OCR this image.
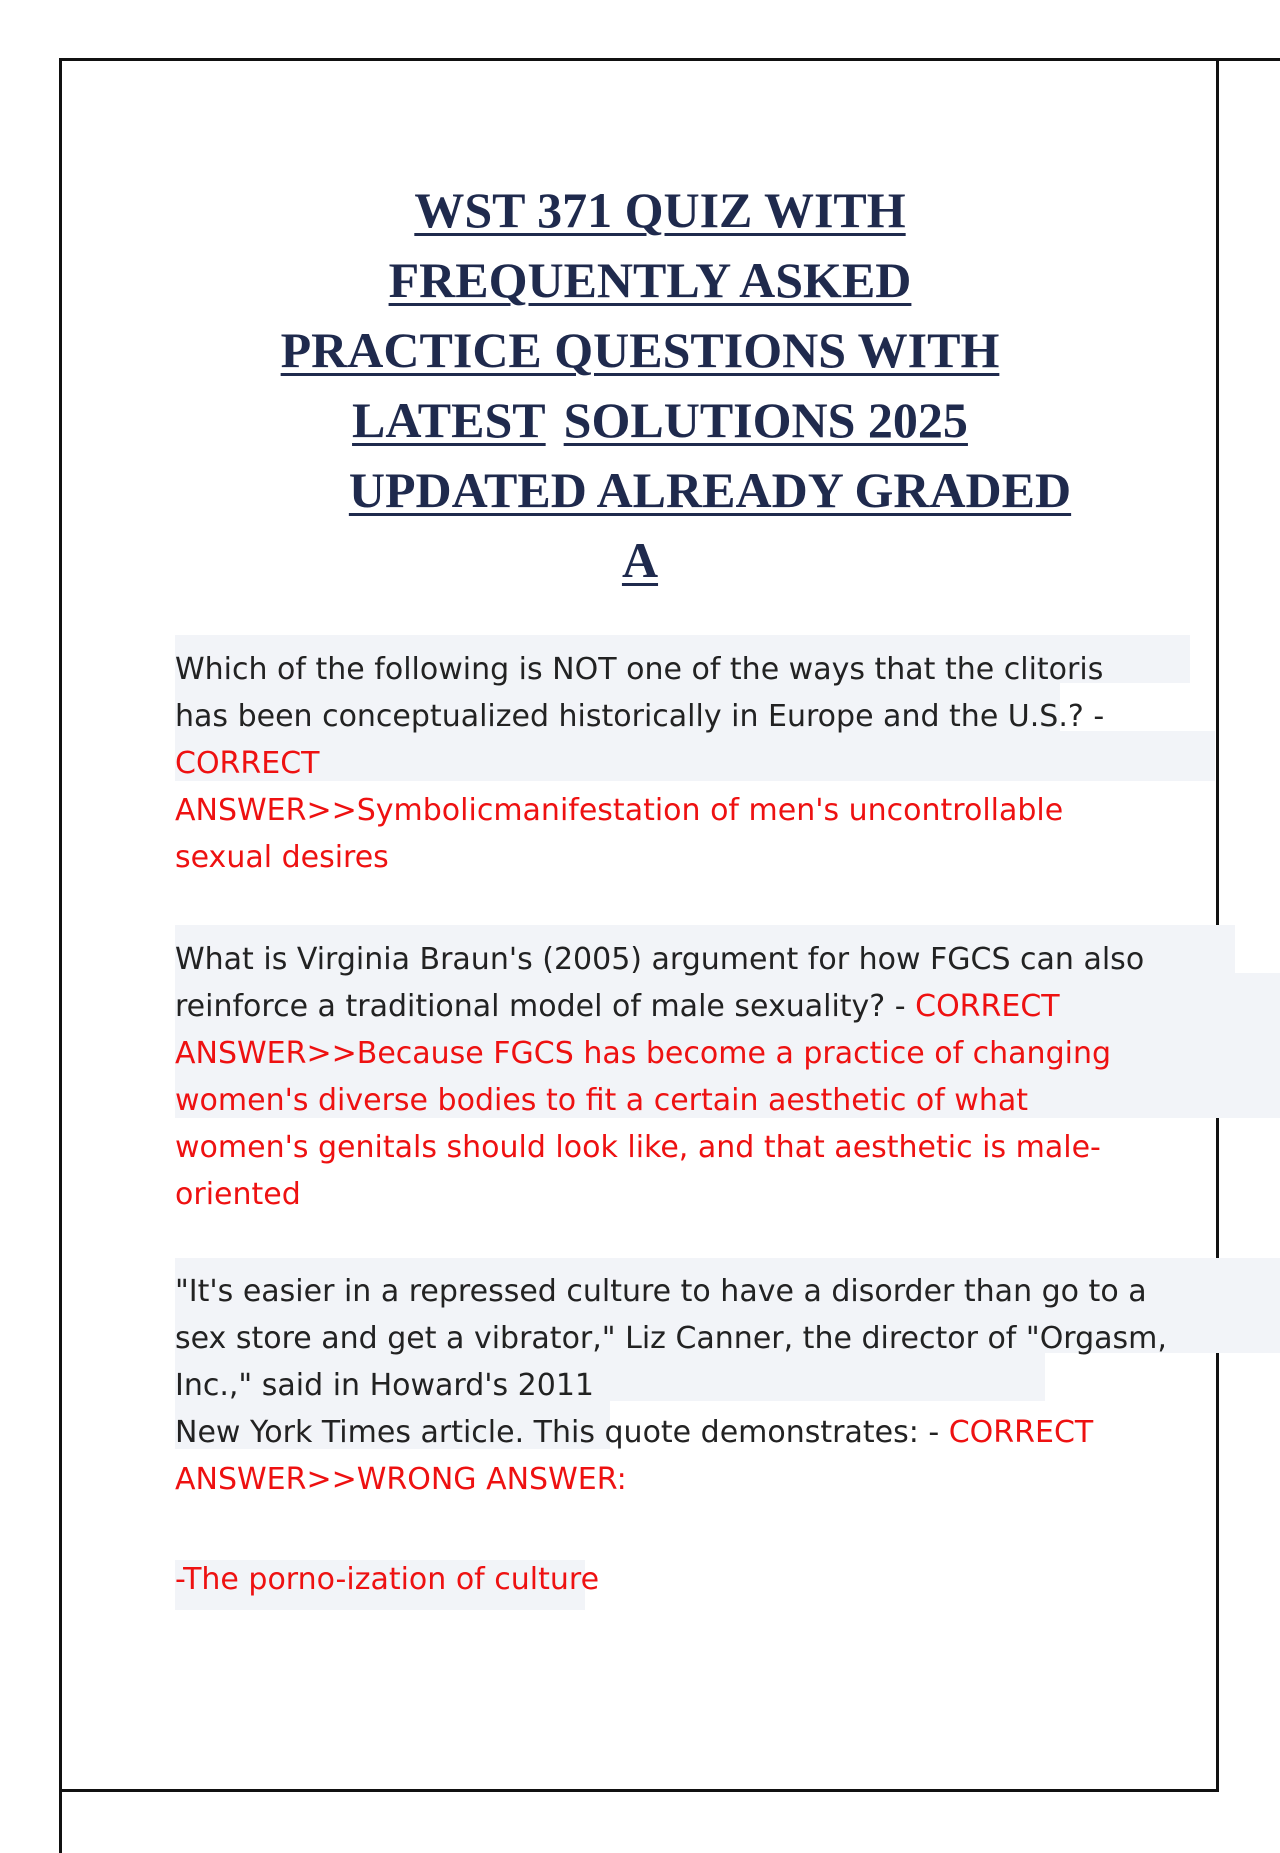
WST 371 QUIZ WITH
FREQUENTLY ASKED
PRACTICE QUESTIONS WITH
LATEST SOLUTIONS 2025
UPDATED ALREADY GRADED
A
Which of the following is NOT one of the ways that the clitoris
has been conceptualized historically in Europe and the U.S.? -
CORRECT
ANSWER>>Symbolicmanifestation of men's uncontrollable
sexual desires
What is Virginia Braun's (2005) argument for how FGCS can also
reinforce a traditional model of male sexuality? - CORRECT
ANSWER>>Because FGCS has become a practice of changing
women's diverse bodies to fit a certain aesthetic of what
women's genitals should look like, and that aesthetic is male-
oriented
"It's easier in a repressed culture to have a disorder than go to a
sex store and get a vibrator," Liz Canner, the director of "Orgasm,
Inc.," said in Howard's 2011
New York Times article. This quote demonstrates: - CORRECT
ANSWER>>WRONG ANSWER:
-The porno-ization of culture
